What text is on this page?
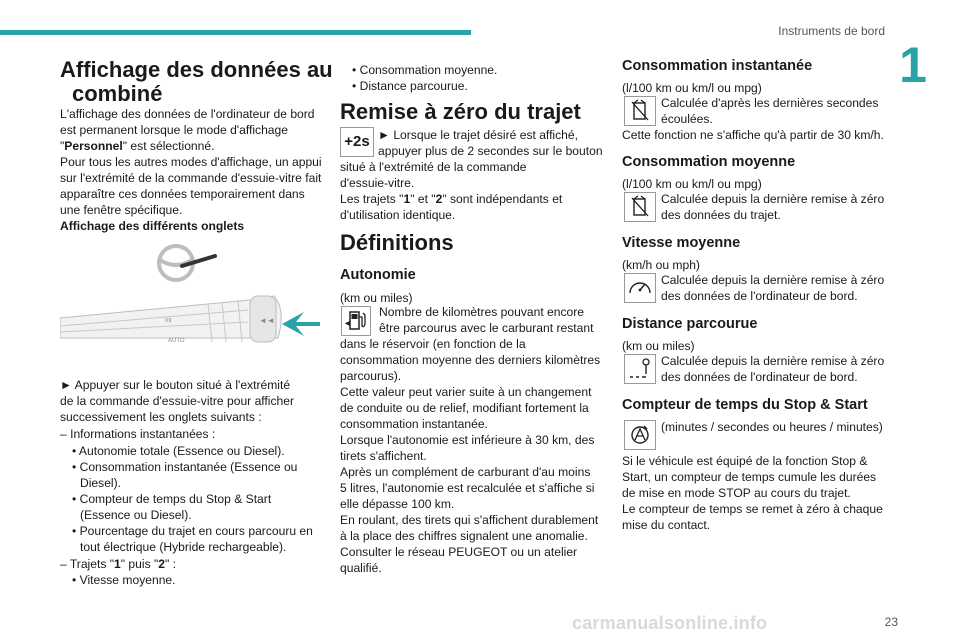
Instruments de bord
1
Affichage des données au
combiné
L'affichage des données de l'ordinateur de bord
est permanent lorsque le mode d'affichage
"Personnel" est sélectionné.
Pour tous les autres modes d'affichage, un appui
sur l'extrémité de la commande d'essuie-vitre fait
apparaître ces données temporairement dans
une fenêtre spécifique.
Affichage des différents onglets
◄◄
AUTO
Int
► Appuyer sur le bouton situé à l'extrémité
de la commande d'essuie-vitre pour afficher
successivement les onglets suivants :
– Informations instantanées :
• Autonomie totale (Essence ou Diesel).
• Consommation instantanée (Essence ou
Diesel).
• Compteur de temps du Stop & Start
(Essence ou Diesel).
• Pourcentage du trajet en cours parcouru en
tout électrique (Hybride rechargeable).
– Trajets "1" puis "2" :
• Vitesse moyenne.
• Consommation moyenne.
• Distance parcourue.
Remise à zéro du trajet
+2s ► Lorsque le trajet désiré est affiché,
appuyer plus de 2 secondes sur le bouton
situé à l'extrémité de la commande
d'essuie-vitre.
Les trajets "1" et "2" sont indépendants et
d'utilisation identique.
Définitions
Autonomie
(km ou miles)
◄
Nombre de kilomètres pouvant encore
être parcourus avec le carburant restant
dans le réservoir (en fonction de la
consommation moyenne des derniers kilomètres
parcourus).
Cette valeur peut varier suite à un changement
de conduite ou de relief, modifiant fortement la
consommation instantanée.
Lorsque l'autonomie est inférieure à 30 km, des
tirets s'affichent.
Après un complément de carburant d'au moins
5 litres, l'autonomie est recalculée et s'affiche si
elle dépasse 100 km.
En roulant, des tirets qui s'affichent durablement
à la place des chiffres signalent une anomalie.
Consulter le réseau PEUGEOT ou un atelier
qualifié.
Consommation instantanée
(l/100 km ou km/l ou mpg)
Calculée d'après les dernières secondes
écoulées.
Cette fonction ne s'affiche qu'à partir de 30 km/h.
Consommation moyenne
(l/100 km ou km/l ou mpg)
Calculée depuis la dernière remise à zéro
des données du trajet.
Vitesse moyenne
(km/h ou mph)
Calculée depuis la dernière remise à zéro
des données de l'ordinateur de bord.
Distance parcourue
(km ou miles)
Calculée depuis la dernière remise à zéro
des données de l'ordinateur de bord.
Compteur de temps du Stop & Start
(minutes / secondes ou heures / minutes)
Si le véhicule est équipé de la fonction Stop &
Start, un compteur de temps cumule les durées
de mise en mode STOP au cours du trajet.
Le compteur de temps se remet à zéro à chaque
mise du contact.
carmanualsonline.info	23
